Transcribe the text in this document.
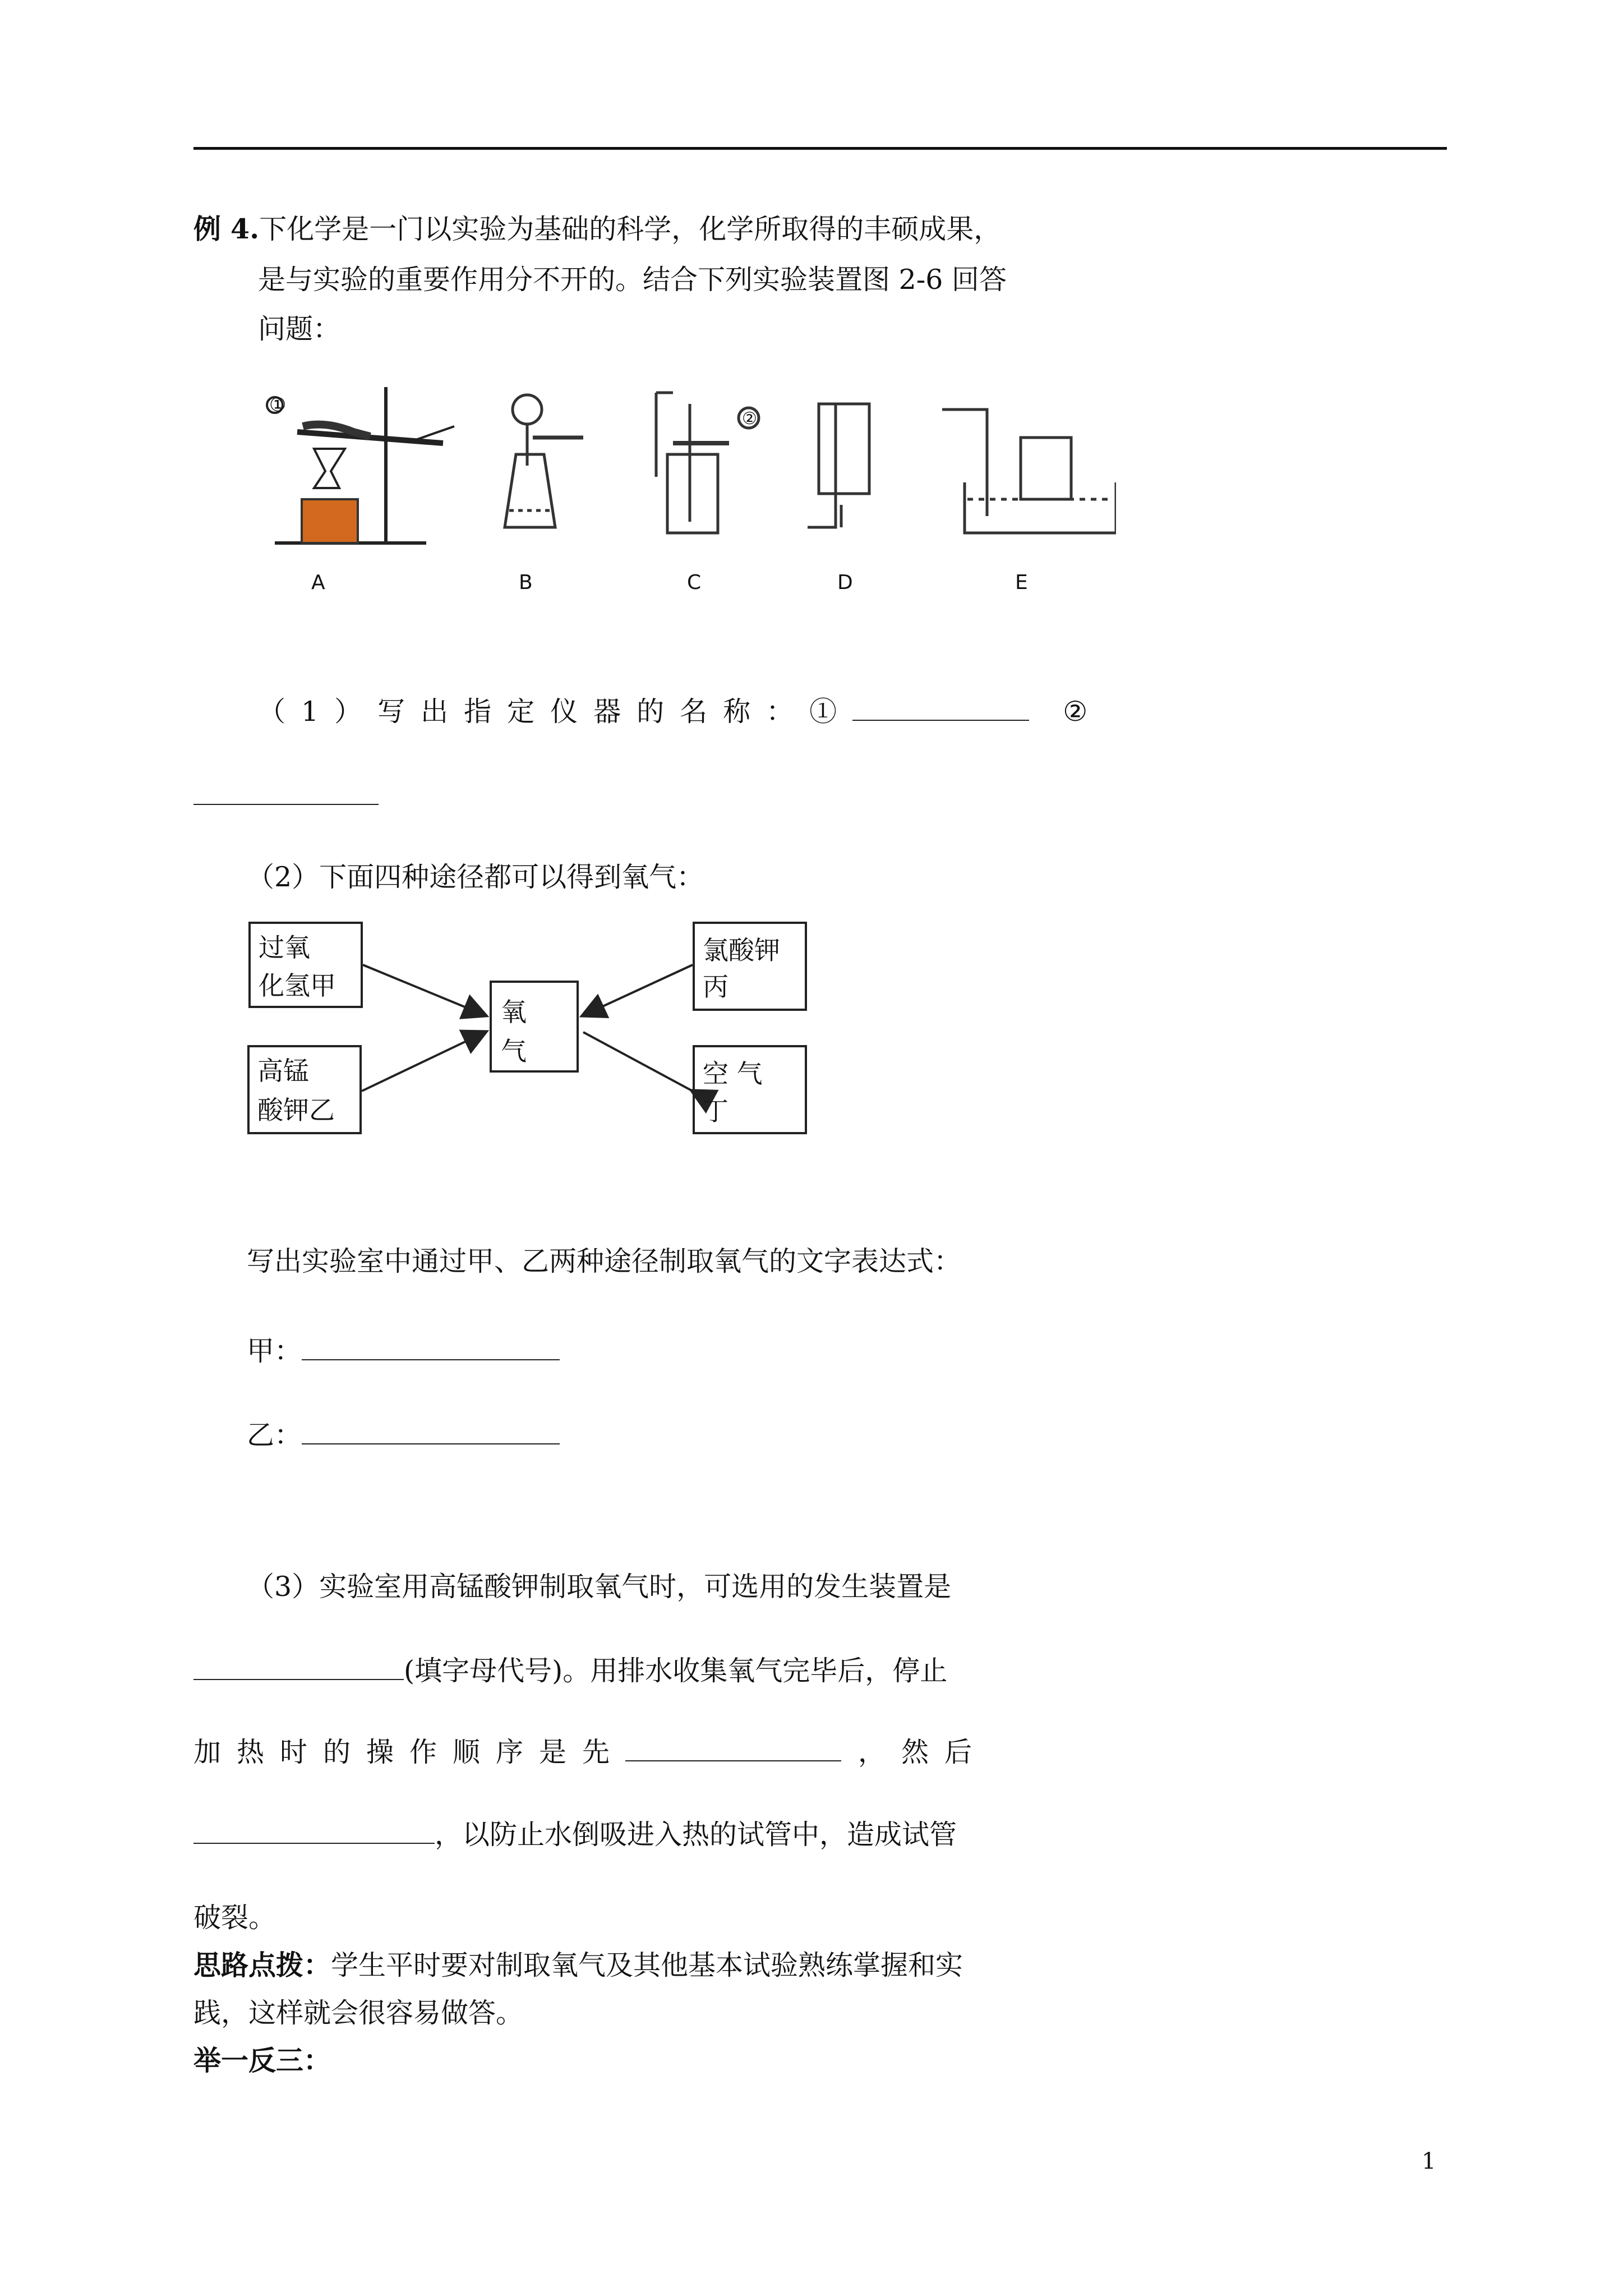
例 4.下化学是一门以实验为基础的科学，化学所取得的丰硕成果，
是与实验的重要作用分不开的。结合下列实验装置图 2-6 回答
问题：
①
②
A	B	C	D	E
（1）写出指定仪器的名称：①	②
（2）下面四种途径都可以得到氧气：
过氧
化氢甲
高锰
酸钾乙
氧
气
氯酸钾
丙
空 气
丁
写出实验室中通过甲、乙两种途径制取氧气的文字表达式：
甲：
乙：
（3）实验室用高锰酸钾制取氧气时，可选用的发生装置是
(填字母代号)。用排水收集氧气完毕后，停止
加热时的操作顺序是先	，然后
，以防止水倒吸进入热的试管中，造成试管
破裂。
思路点拨：学生平时要对制取氧气及其他基本试验熟练掌握和实
践，这样就会很容易做答。
举一反三：
1
